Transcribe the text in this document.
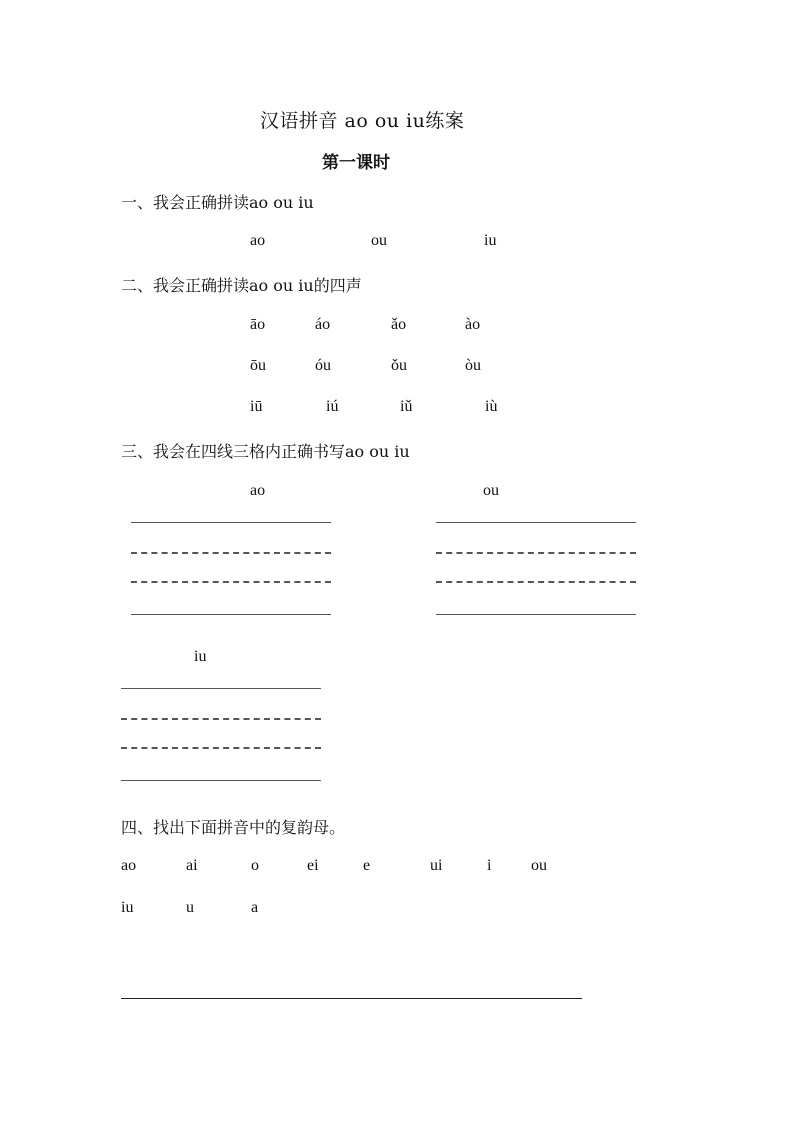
汉语拼音 ao ou iu练案
第一课时
一、我会正确拼读ao ou iu
ao	ou	iu
二、我会正确拼读ao ou iu的四声
āo	áo	ǎo	ào
ōu	óu	ǒu	òu
iū	iú	iǔ	iù
三、我会在四线三格内正确书写ao ou iu
ao	ou
iu
四、找出下面拼音中的复韵母。
ao	ai	o	ei	e	ui	i ou
iu	u	a
